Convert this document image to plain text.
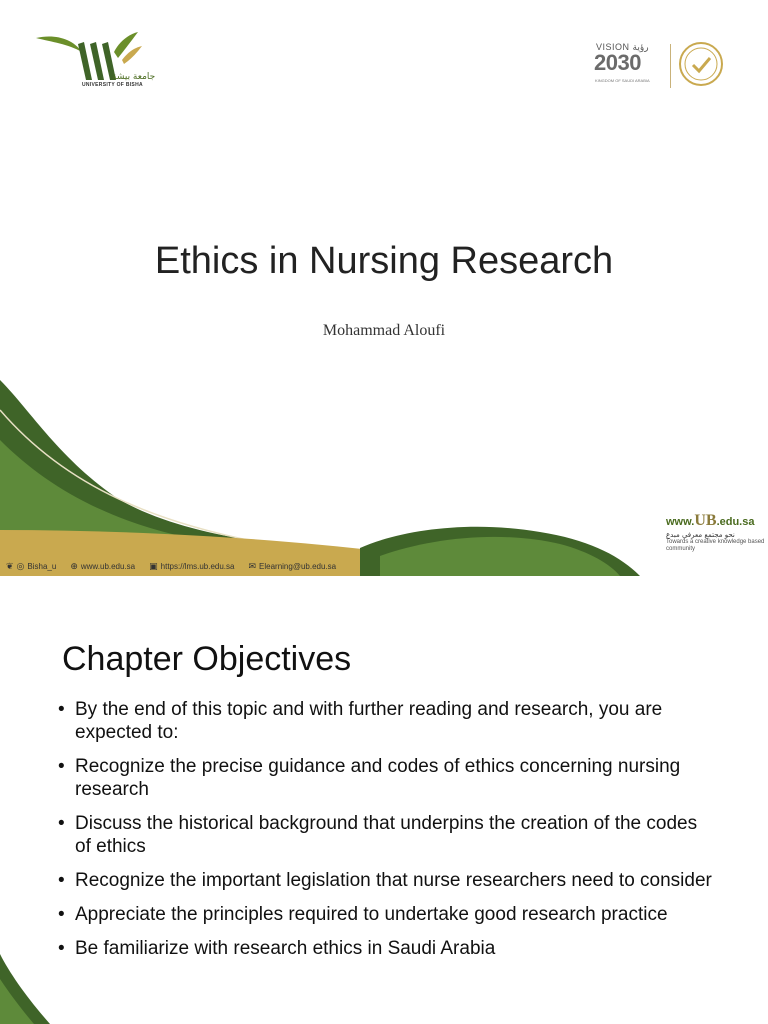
جامعة بيشة
UNIVERSITY OF BISHA
VISION رؤية
2030
KINGDOM OF SAUDI ARABIA
Ethics in Nursing Research
Mohammad Aloufi
www.UB.edu.sa
نحو مجتمع معرفي مبدع
Towards a creative knowledge based community
❦ ◎ Bisha_u ⊕ www.ub.edu.sa ▣ https://lms.ub.edu.sa ✉ Elearning@ub.edu.sa
Chapter Objectives
• By the end of this topic and with further reading and research, you are expected to:
• Recognize the precise guidance and codes of ethics concerning nursing research
• Discuss the historical background that underpins the creation of the codes of ethics
• Recognize the important legislation that nurse researchers need to consider
• Appreciate the principles required to undertake good research practice
• Be familiarize with research ethics in Saudi Arabia
